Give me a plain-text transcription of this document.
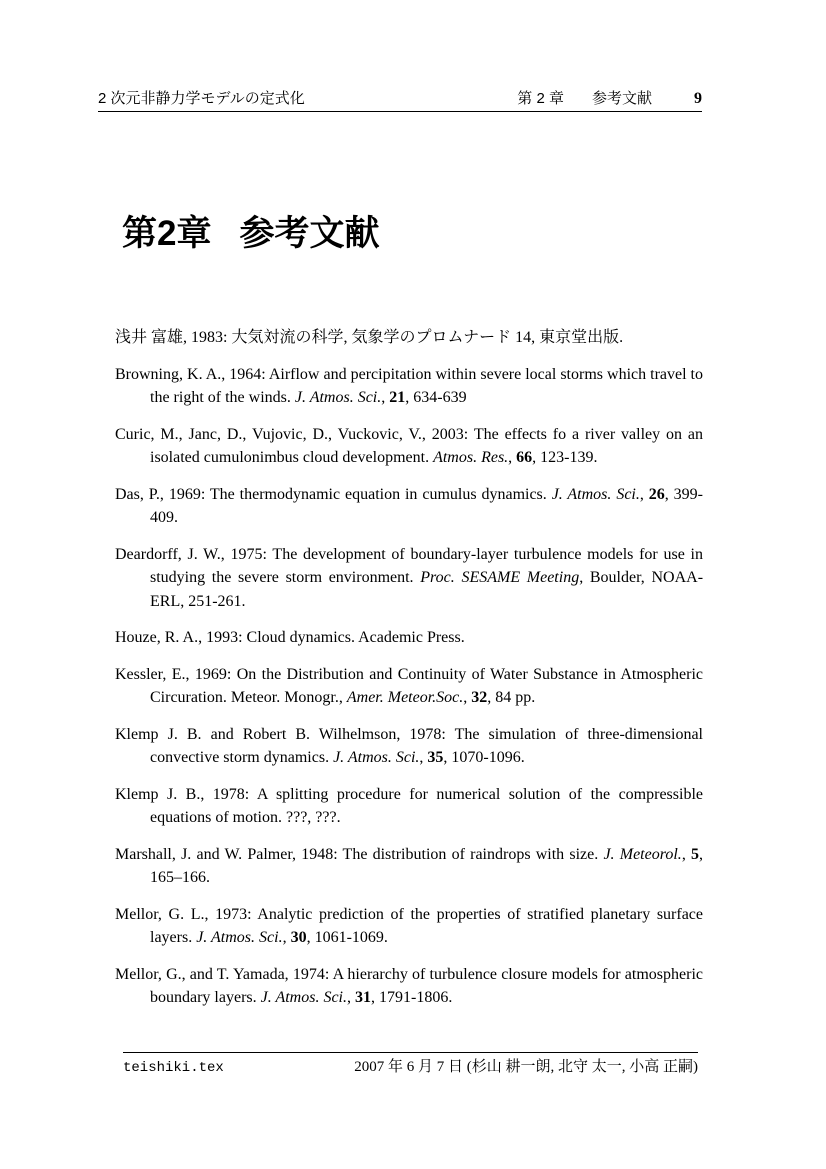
2 次元非静力学モデルの定式化	第 2 章 参考文献	9
第2章 参考文献

浅井 富雄, 1983: 大気対流の科学, 気象学のプロムナード 14, 東京堂出版.

Browning, K. A., 1964: Airflow and percipitation within severe local storms which travel to the right of the winds. J. Atmos. Sci., 21, 634-639

Curic, M., Janc, D., Vujovic, D., Vuckovic, V., 2003: The effects fo a river valley on an isolated cumulonimbus cloud development. Atmos. Res., 66, 123-139.

Das, P., 1969: The thermodynamic equation in cumulus dynamics. J. Atmos. Sci., 26, 399-409.

Deardorff, J. W., 1975: The development of boundary-layer turbulence models for use in studying the severe storm environment. Proc. SESAME Meeting, Boulder, NOAA-ERL, 251-261.

Houze, R. A., 1993: Cloud dynamics. Academic Press.

Kessler, E., 1969: On the Distribution and Continuity of Water Substance in Atmospheric Circuration. Meteor. Monogr., Amer. Meteor.Soc., 32, 84 pp.

Klemp J. B. and Robert B. Wilhelmson, 1978: The simulation of three-dimensional convective storm dynamics. J. Atmos. Sci., 35, 1070-1096.

Klemp J. B., 1978: A splitting procedure for numerical solution of the compressible equations of motion. ???, ???.

Marshall, J. and W. Palmer, 1948: The distribution of raindrops with size. J. Meteorol., 5, 165–166.

Mellor, G. L., 1973: Analytic prediction of the properties of stratified planetary surface layers. J. Atmos. Sci., 30, 1061-1069.

Mellor, G., and T. Yamada, 1974: A hierarchy of turbulence closure models for atmospheric boundary layers. J. Atmos. Sci., 31, 1791-1806.

teishiki.tex	2007 年 6 月 7 日 (杉山 耕一朗, 北守 太一, 小高 正嗣)
